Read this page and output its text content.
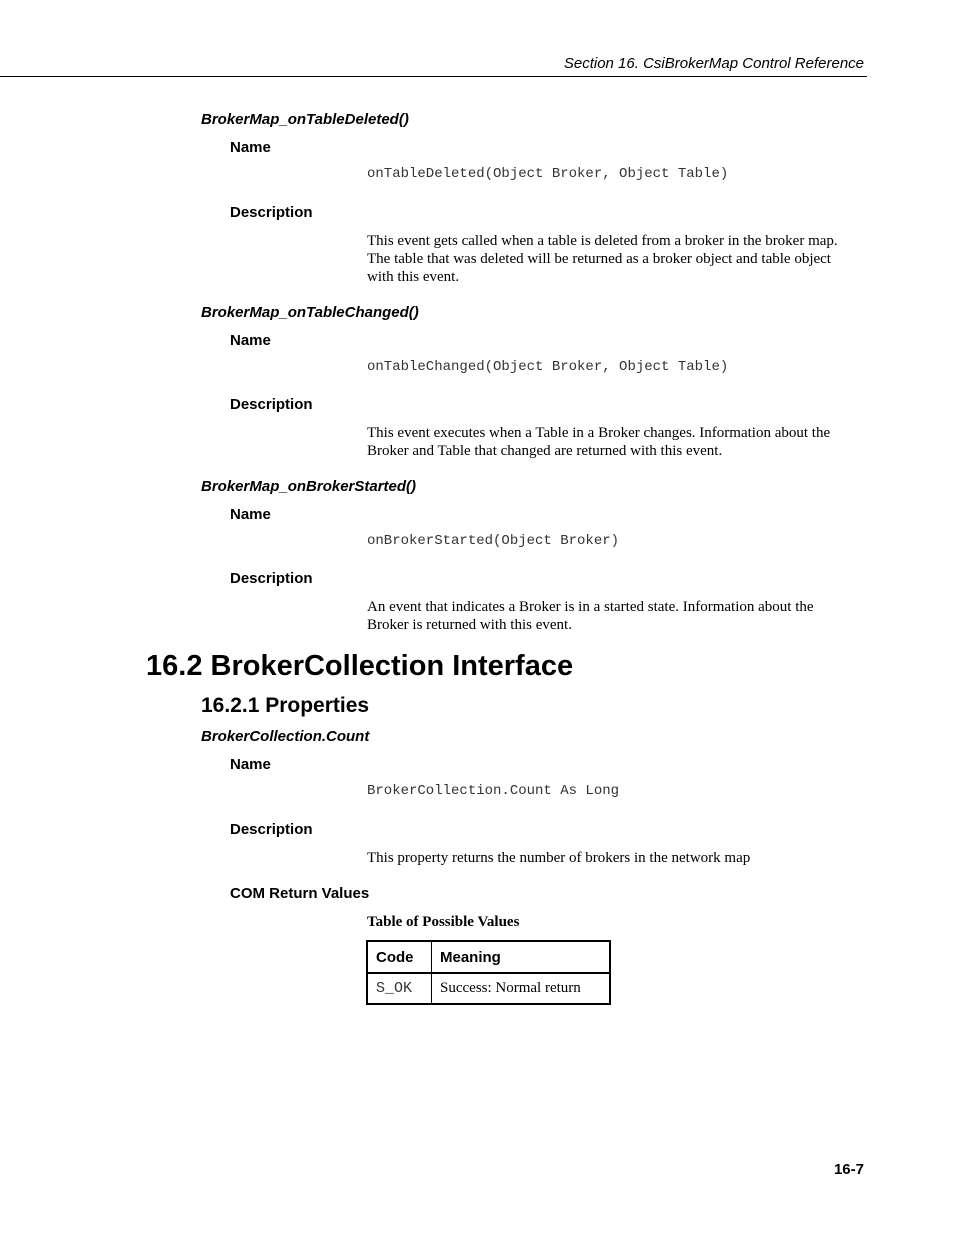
Section 16. CsiBrokerMap Control Reference
BrokerMap_onTableDeleted()
Name
onTableDeleted(Object Broker, Object Table)
Description
This event gets called when a table is deleted from a broker in the broker map.
The table that was deleted will be returned as a broker object and table object
with this event.
BrokerMap_onTableChanged()
Name
onTableChanged(Object Broker, Object Table)
Description
This event executes when a Table in a Broker changes. Information about the
Broker and Table that changed are returned with this event.
BrokerMap_onBrokerStarted()
Name
onBrokerStarted(Object Broker)
Description
An event that indicates a Broker is in a started state. Information about the
Broker is returned with this event.
16.2 BrokerCollection Interface
16.2.1 Properties
BrokerCollection.Count
Name
BrokerCollection.Count As Long
Description
This property returns the number of brokers in the network map
COM Return Values
Table of Possible Values
Code	Meaning
S_OK	Success: Normal return
16-7
